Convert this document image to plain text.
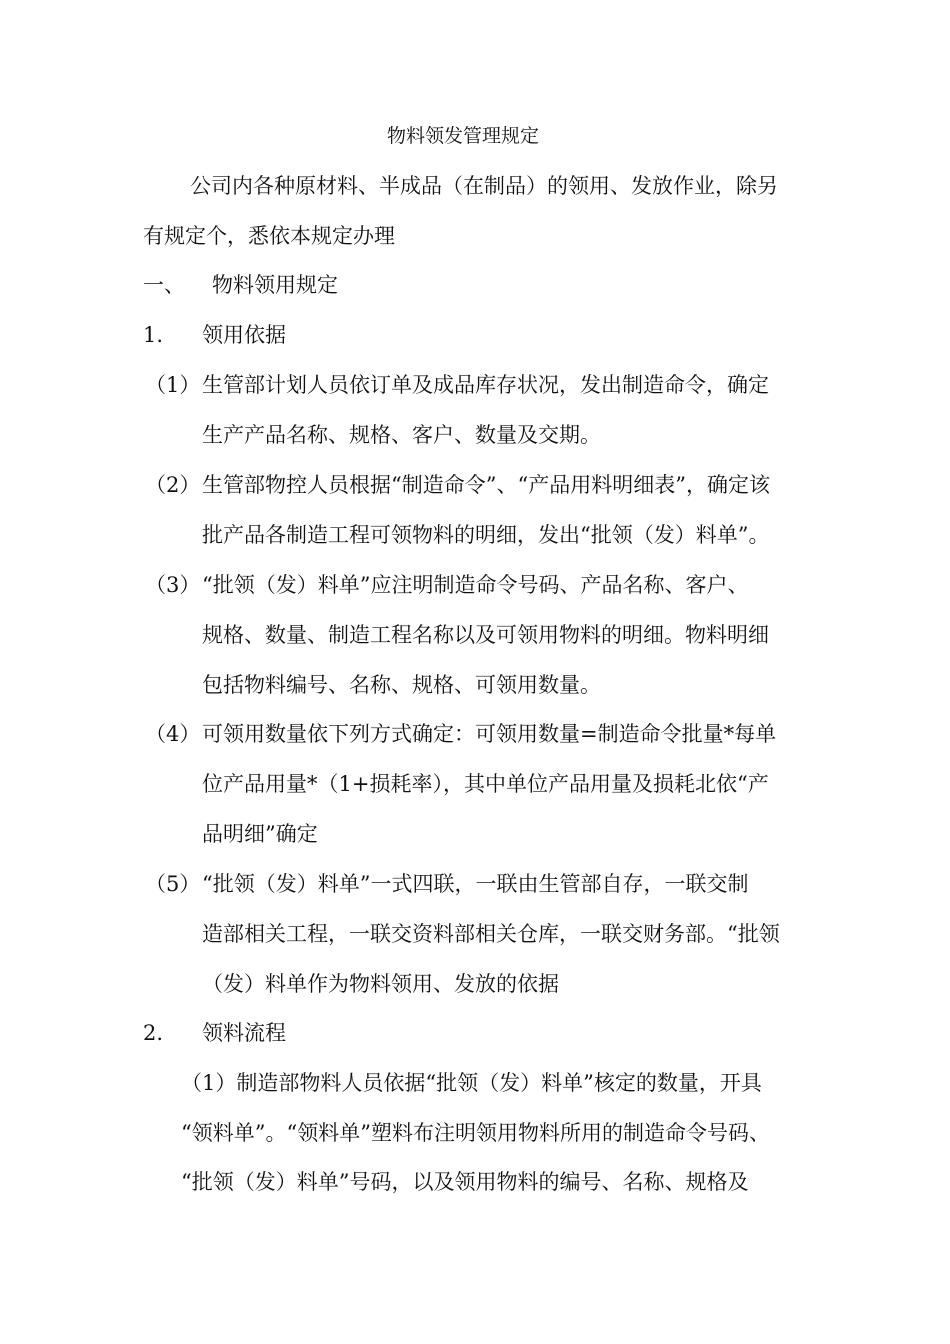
物料领发管理规定
公司内各种原材料、半成品（在制品）的领用、发放作业，除另
有规定个，悉依本规定办理
一、 物料领用规定
1. 领用依据
（1） 生管部计划人员依订单及成品库存状况，发出制造命令，确定
生产产品名称、规格、客户、数量及交期。
（2） 生管部物控人员根据“制造命令”、“产品用料明细表”，确定该
批产品各制造工程可领物料的明细，发出“批领（发）料单”。
（3） “批领（发）料单”应注明制造命令号码、产品名称、客户、
规格、数量、制造工程名称以及可领用物料的明细。物料明细
包括物料编号、名称、规格、可领用数量。
（4） 可领用数量依下列方式确定：可领用数量=制造命令批量*每单
位产品用量*（1+损耗率），其中单位产品用量及损耗北依“产
品明细”确定
（5） “批领（发）料单”一式四联，一联由生管部自存，一联交制
造部相关工程，一联交资料部相关仓库，一联交财务部。“批领
（发）料单作为物料领用、发放的依据
2. 领料流程
（1）制造部物料人员依据“批领（发）料单”核定的数量，开具
“领料单”。“领料单”塑料布注明领用物料所用的制造命令号码、
“批领（发）料单”号码，以及领用物料的编号、名称、规格及
